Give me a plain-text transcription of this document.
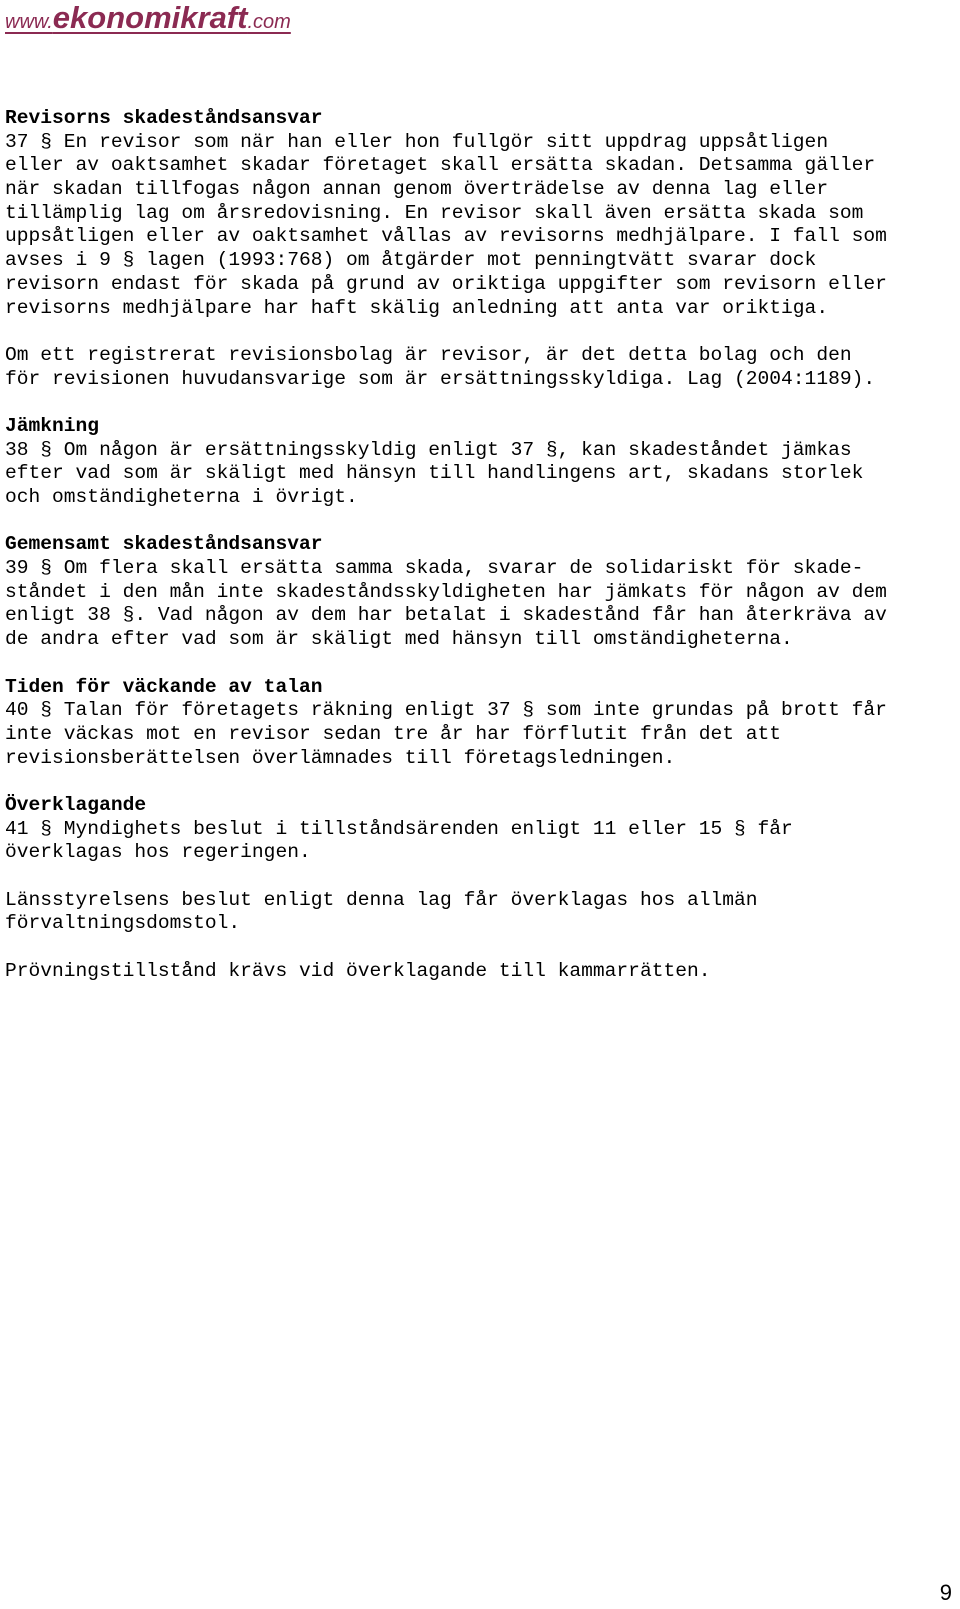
www.ekonomikraft.com
Revisorns skadeståndsansvar
37 § En revisor som när han eller hon fullgör sitt uppdrag uppsåtligen
eller av oaktsamhet skadar företaget skall ersätta skadan. Detsamma gäller
när skadan tillfogas någon annan genom överträdelse av denna lag eller
tillämplig lag om årsredovisning. En revisor skall även ersätta skada som
uppsåtligen eller av oaktsamhet vållas av revisorns medhjälpare. I fall som
avses i 9 § lagen (1993:768) om åtgärder mot penningtvätt svarar dock
revisorn endast för skada på grund av oriktiga uppgifter som revisorn eller
revisorns medhjälpare har haft skälig anledning att anta var oriktiga.
Om ett registrerat revisionsbolag är revisor, är det detta bolag och den
för revisionen huvudansvarige som är ersättningsskyldiga. Lag (2004:1189).
Jämkning
38 § Om någon är ersättningsskyldig enligt 37 §, kan skadeståndet jämkas
efter vad som är skäligt med hänsyn till handlingens art, skadans storlek
och omständigheterna i övrigt.
Gemensamt skadeståndsansvar
39 § Om flera skall ersätta samma skada, svarar de solidariskt för skade-
ståndet i den mån inte skadeståndsskyldigheten har jämkats för någon av dem
enligt 38 §. Vad någon av dem har betalat i skadestånd får han återkräva av
de andra efter vad som är skäligt med hänsyn till omständigheterna.
Tiden för väckande av talan
40 § Talan för företagets räkning enligt 37 § som inte grundas på brott får
inte väckas mot en revisor sedan tre år har förflutit från det att
revisionsberättelsen överlämnades till företagsledningen.
Överklagande
41 § Myndighets beslut i tillståndsärenden enligt 11 eller 15 § får
överklagas hos regeringen.
Länsstyrelsens beslut enligt denna lag får överklagas hos allmän
förvaltningsdomstol.
Prövningstillstånd krävs vid överklagande till kammarrätten.
9
